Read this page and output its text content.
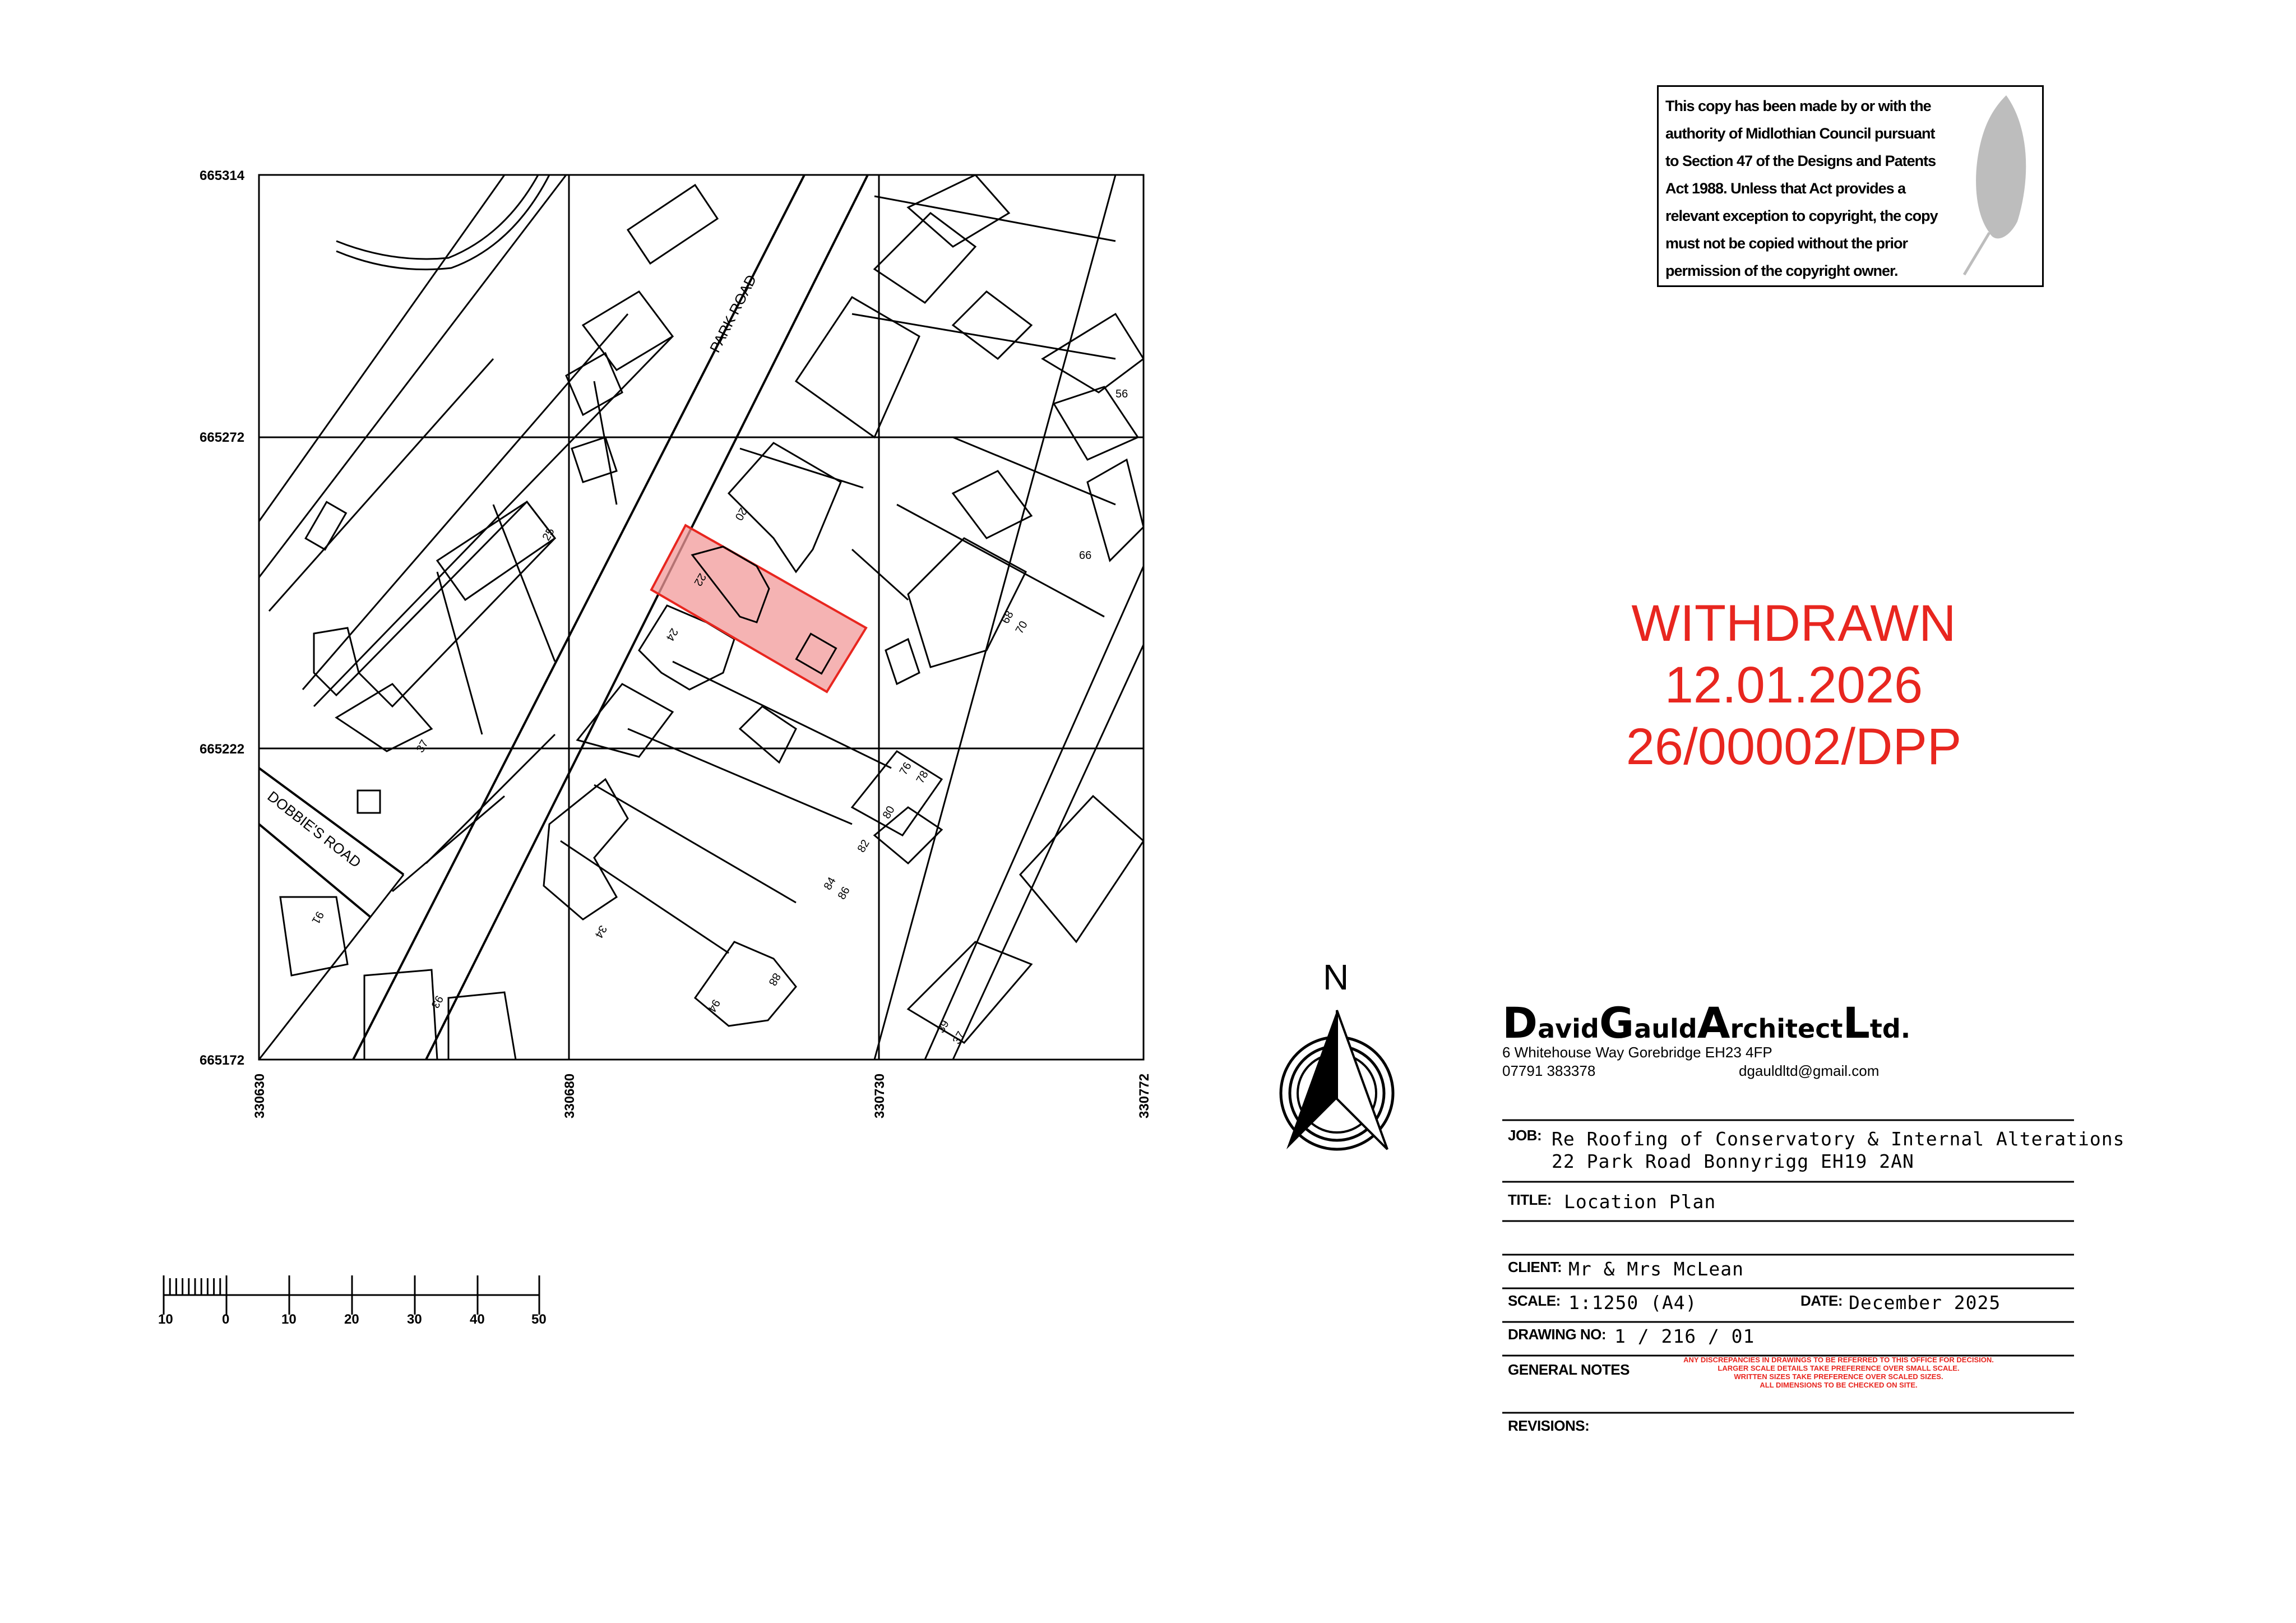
This copy has been made by or with the authority of Midlothian Council pursuant to Section 47 of the Designs and Patents Act 1988. Unless that Act provides a relevant exception to copyright, the copy must not be copied without the prior permission of the copyright owner.
665314
665272
665222
665172
330630	330680	330730	330772
PARK ROAD
DOBBIE'S ROAD
56
20
25
66
22
24
68
70
37
76 78
80
82
84
86
91
34
88
94
93
39
37
WITHDRAWN
12.01.2026
26/00002/DPP
N
10	0	10	20	30	40	50
DavidGauldArchitectLtd.
6 Whitehouse Way Gorebridge EH23 4FP
07791 383378	dgauldltd@gmail.com
JOB: Re Roofing of Conservatory & Internal Alterations
22 Park Road Bonnyrigg EH19 2AN
TITLE: Location Plan
CLIENT: Mr & Mrs McLean
SCALE: 1:1250 (A4)	DATE: December 2025
DRAWING NO: 1 / 216 / 01
GENERAL NOTES
ANY DISCREPANCIES IN DRAWINGS TO BE REFERRED TO THIS OFFICE FOR DECISION.
LARGER SCALE DETAILS TAKE PREFERENCE OVER SMALL SCALE.
WRITTEN SIZES TAKE PREFERENCE OVER SCALED SIZES.
ALL DIMENSIONS TO BE CHECKED ON SITE.
REVISIONS:
